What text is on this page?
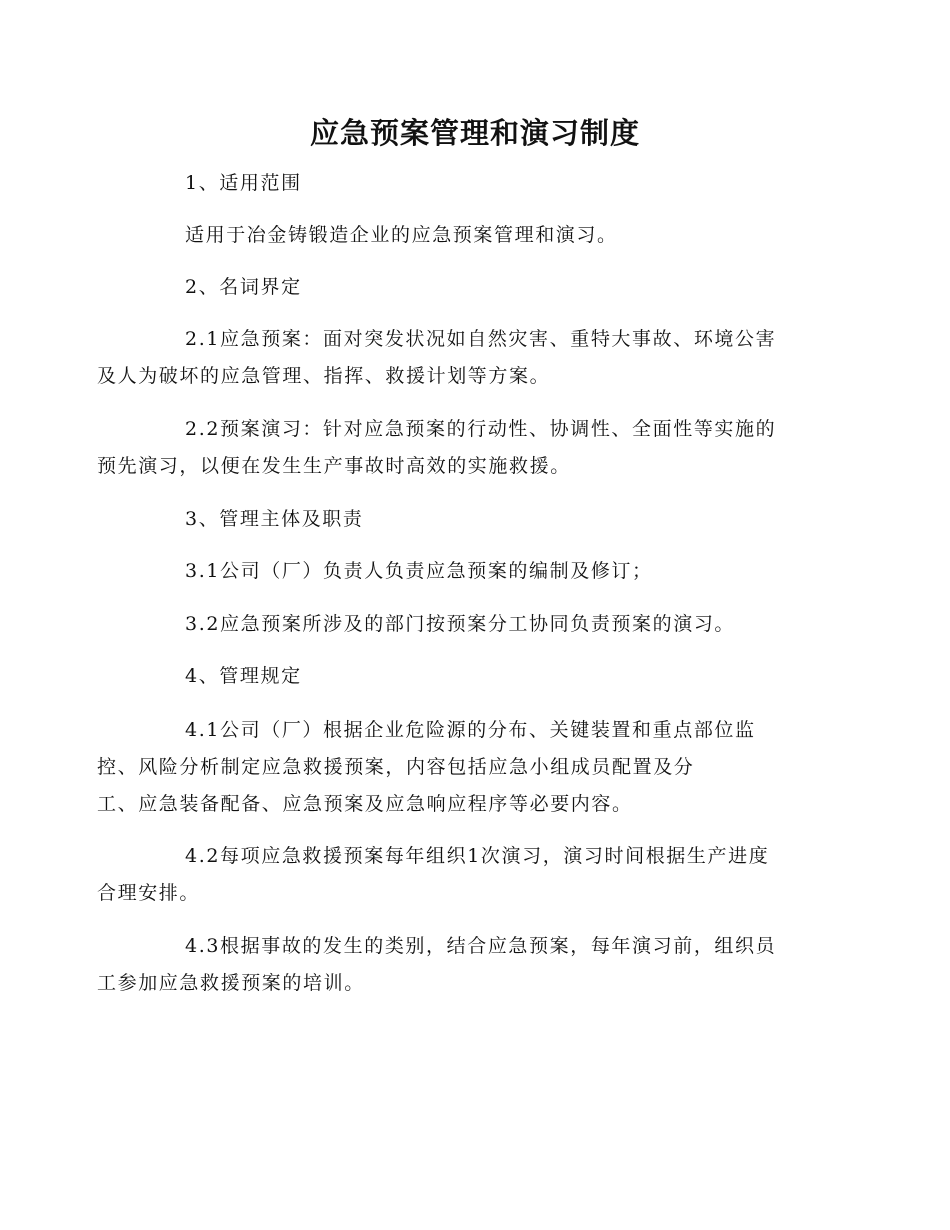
应急预案管理和演习制度

1、适用范围

适用于冶金铸锻造企业的应急预案管理和演习。

2、名词界定

2.1应急预案：面对突发状况如自然灾害、重特大事故、环境公害
及人为破坏的应急管理、指挥、救援计划等方案。

2.2预案演习：针对应急预案的行动性、协调性、全面性等实施的
预先演习，以便在发生生产事故时高效的实施救援。

3、管理主体及职责

3.1公司（厂）负责人负责应急预案的编制及修订；

3.2应急预案所涉及的部门按预案分工协同负责预案的演习。

4、管理规定

4.1公司（厂）根据企业危险源的分布、关键装置和重点部位监
控、风险分析制定应急救援预案，内容包括应急小组成员配置及分
工、应急装备配备、应急预案及应急响应程序等必要内容。

4.2每项应急救援预案每年组织1次演习，演习时间根据生产进度
合理安排。

4.3根据事故的发生的类别，结合应急预案，每年演习前，组织员
工参加应急救援预案的培训。
